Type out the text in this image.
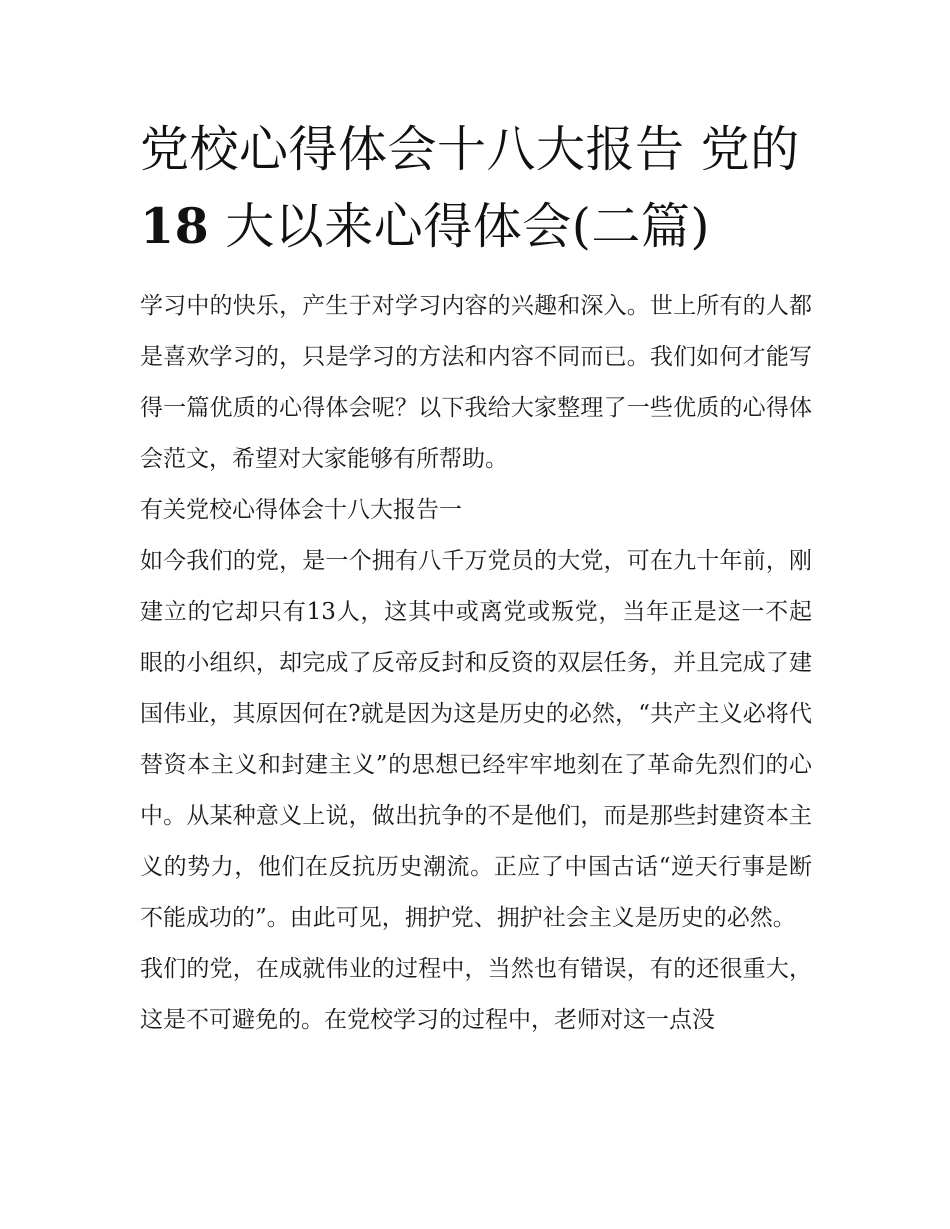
党校心得体会十八大报告 党的
18 大以来心得体会(二篇)

学习中的快乐，产生于对学习内容的兴趣和深入。世上所有的人都是喜欢学习的，只是学习的方法和内容不同而已。我们如何才能写得一篇优质的心得体会呢？以下我给大家整理了一些优质的心得体会范文，希望对大家能够有所帮助。

有关党校心得体会十八大报告一

如今我们的党，是一个拥有八千万党员的大党，可在九十年前，刚建立的它却只有13人，这其中或离党或叛党，当年正是这一不起眼的小组织，却完成了反帝反封和反资的双层任务，并且完成了建国伟业，其原因何在?就是因为这是历史的必然，“共产主义必将代替资本主义和封建主义”的思想已经牢牢地刻在了革命先烈们的心中。从某种意义上说，做出抗争的不是他们，而是那些封建资本主义的势力，他们在反抗历史潮流。正应了中国古话“逆天行事是断不能成功的”。由此可见，拥护党、拥护社会主义是历史的必然。

我们的党，在成就伟业的过程中，当然也有错误，有的还很重大，这是不可避免的。在党校学习的过程中，老师对这一点没
